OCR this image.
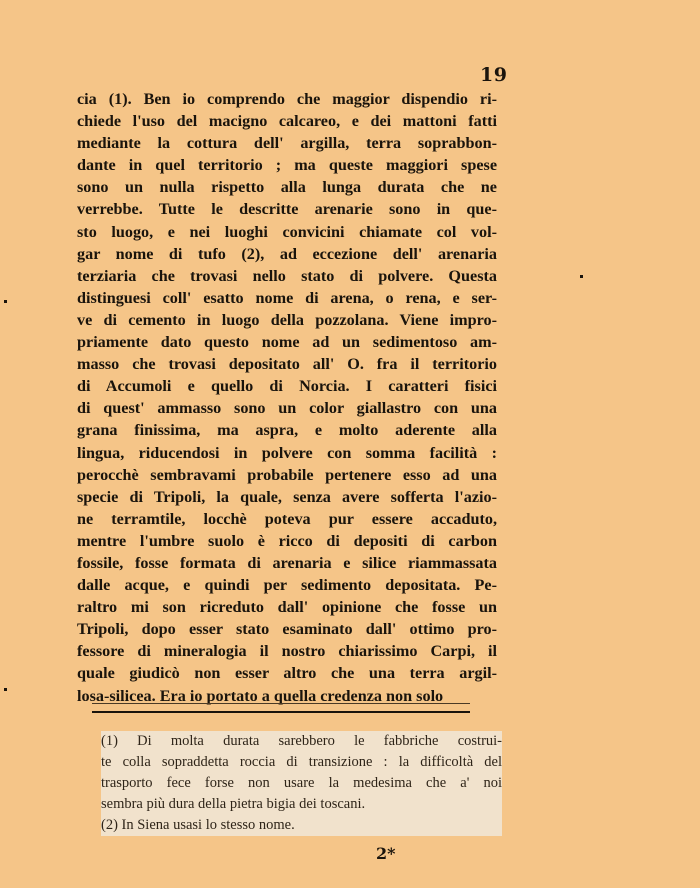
19
cia (1). Ben io comprendo che maggior dispendio ri-
chiede l'uso del macigno calcareo, e dei mattoni fatti
mediante la cottura dell' argilla, terra soprabbon-
dante in quel territorio ; ma queste maggiori spese
sono un nulla rispetto alla lunga durata che ne
verrebbe. Tutte le descritte arenarie sono in que-
sto luogo, e nei luoghi convicini chiamate col vol-
gar nome di tufo (2), ad eccezione dell' arenaria
terziaria che trovasi nello stato di polvere. Questa
distinguesi coll' esatto nome di arena, o rena, e ser-
ve di cemento in luogo della pozzolana. Viene impro-
priamente dato questo nome ad un sedimentoso am-
masso che trovasi depositato all' O. fra il territorio
di Accumoli e quello di Norcia. I caratteri fisici
di quest' ammasso sono un color giallastro con una
grana finissima, ma aspra, e molto aderente alla
lingua, riducendosi in polvere con somma facilità :
perocchè sembravami probabile pertenere esso ad una
specie di Tripoli, la quale, senza avere sofferta l'azio-
ne terramtile, locchè poteva pur essere accaduto,
mentre l'umbre suolo è ricco di depositi di carbon
fossile, fosse formata di arenaria e silice riammassata
dalle acque, e quindi per sedimento depositata. Pe-
raltro mi son ricreduto dall' opinione che fosse un
Tripoli, dopo esser stato esaminato dall' ottimo pro-
fessore di mineralogia il nostro chiarissimo Carpi, il
quale giudicò non esser altro che una terra argil-
losa-silicea. Era io portato a quella credenza non solo
(1) Di molta durata sarebbero le fabbriche costrui-
te colla sopraddetta roccia di transizione : la difficoltà del
trasporto fece forse non usare la medesima che a' noi
sembra più dura della pietra bigia dei toscani.
(2) In Siena usasi lo stesso nome.
2*
